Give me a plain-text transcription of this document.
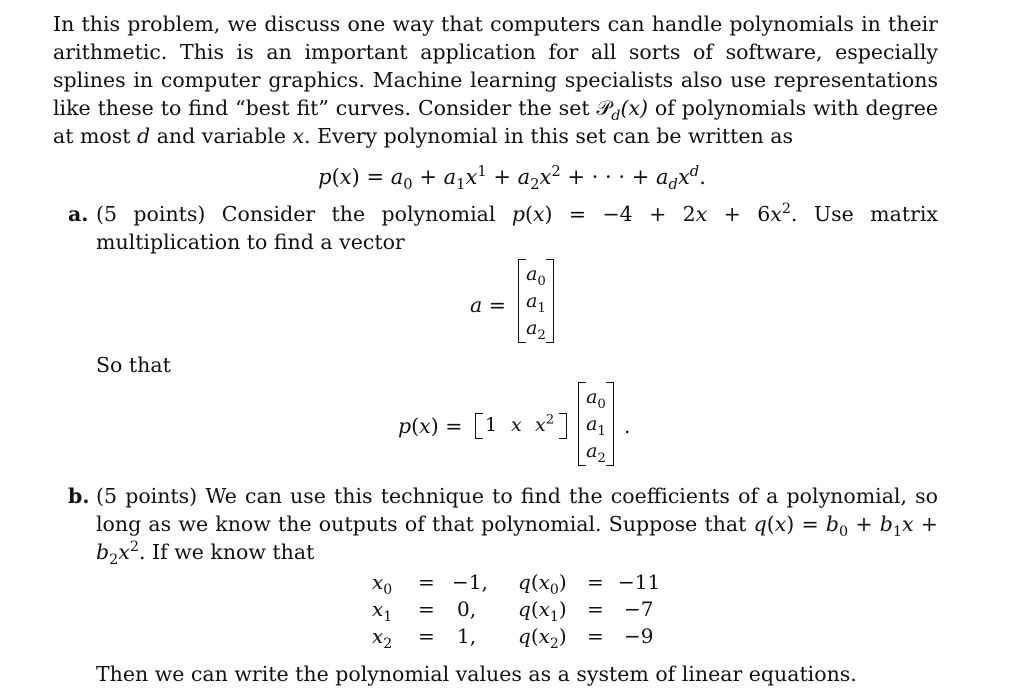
In this problem, we discuss one way that computers can handle polynomials in their arithmetic. This is an important application for all sorts of software, especially splines in computer graphics. Machine learning specialists also use representations like these to find “best fit” curves. Consider the set 𝒫$_d$(x) of polynomials with degree at most d and variable x. Every polynomial in this set can be written as

$p(x) = a_0 + a_1x^1 + a_2x^2$ + · · · + $a_dx^d$.

a. (5 points) Consider the polynomial $p(x) = -4 + 2x + 6x^2$. Use matrix multiplication to find a vector

a =
$a_0$
$a_1$
$a_2$

So that

p(x) = 1 x $x^2$
$a_0$
$a_1$
$a_2$
.

b. (5 points) We can use this technique to find the coefficients of a polynomial, so long as we know the outputs of that polynomial. Suppose that $q(x) = b_0 + b_1x + b_2x^2$. If we know that

$x_0 = -1$, $q(x_0) = -11$
$x_1 = 0$, $q(x_1) = -7$
$x_2 = 1$, $q(x_2) = -9$

Then we can write the polynomial values as a system of linear equations.
